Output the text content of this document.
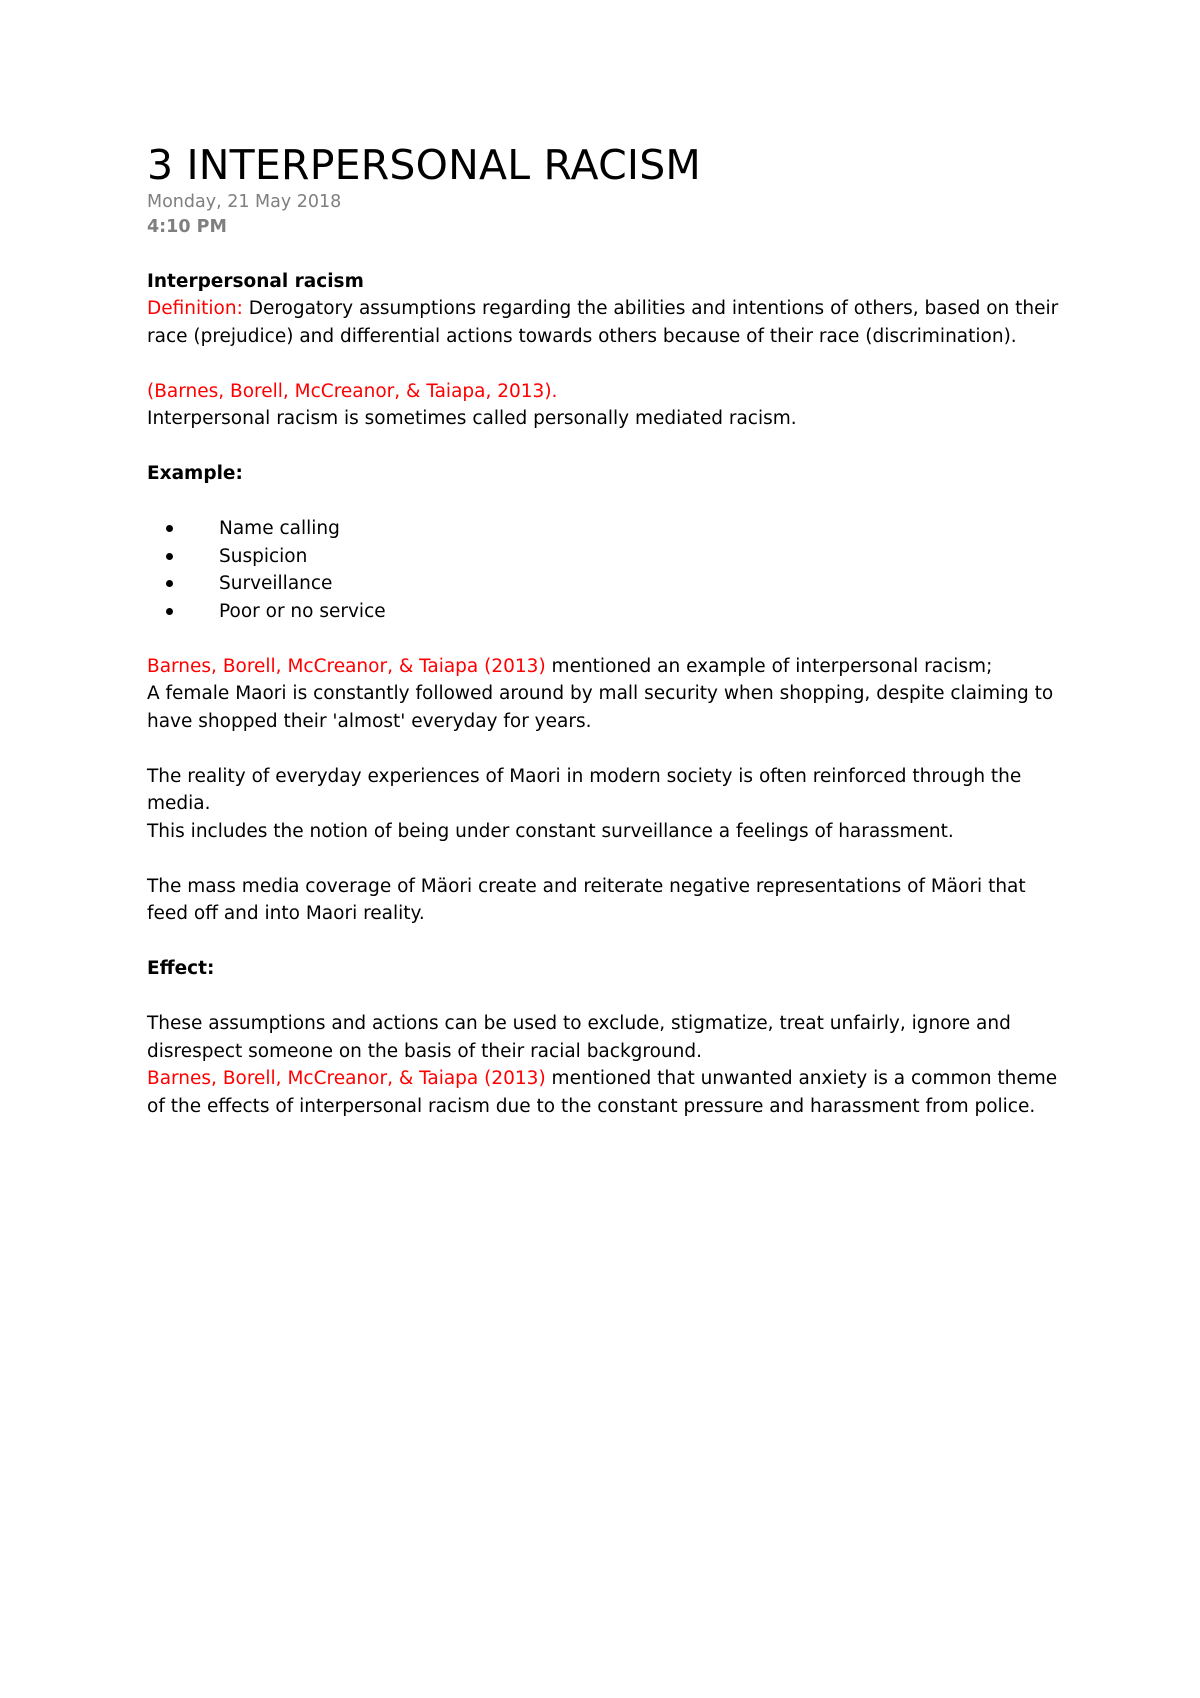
3 INTERPERSONAL RACISM
Monday, 21 May 2018
4:10 PM

Interpersonal racism

Definition: Derogatory assumptions regarding the abilities and intentions of others, based on their race (prejudice) and differential actions towards others because of their race (discrimination).

(Barnes, Borell, McCreanor, & Taiapa, 2013).

Interpersonal racism is sometimes called personally mediated racism.

Example:

Name calling
Suspicion
Surveillance
Poor or no service

Barnes, Borell, McCreanor, & Taiapa (2013) mentioned an example of interpersonal racism;

A female Maori is constantly followed around by mall security when shopping, despite claiming to have shopped their 'almost' everyday for years.

The reality of everyday experiences of Maori in modern society is often reinforced through the media.

This includes the notion of being under constant surveillance a feelings of harassment.

The mass media coverage of Mäori create and reiterate negative representations of Mäori that feed off and into Maori reality.

Effect:

These assumptions and actions can be used to exclude, stigmatize, treat unfairly, ignore and disrespect someone on the basis of their racial background.

Barnes, Borell, McCreanor, & Taiapa (2013) mentioned that unwanted anxiety is a common theme of the effects of interpersonal racism due to the constant pressure and harassment from police.
